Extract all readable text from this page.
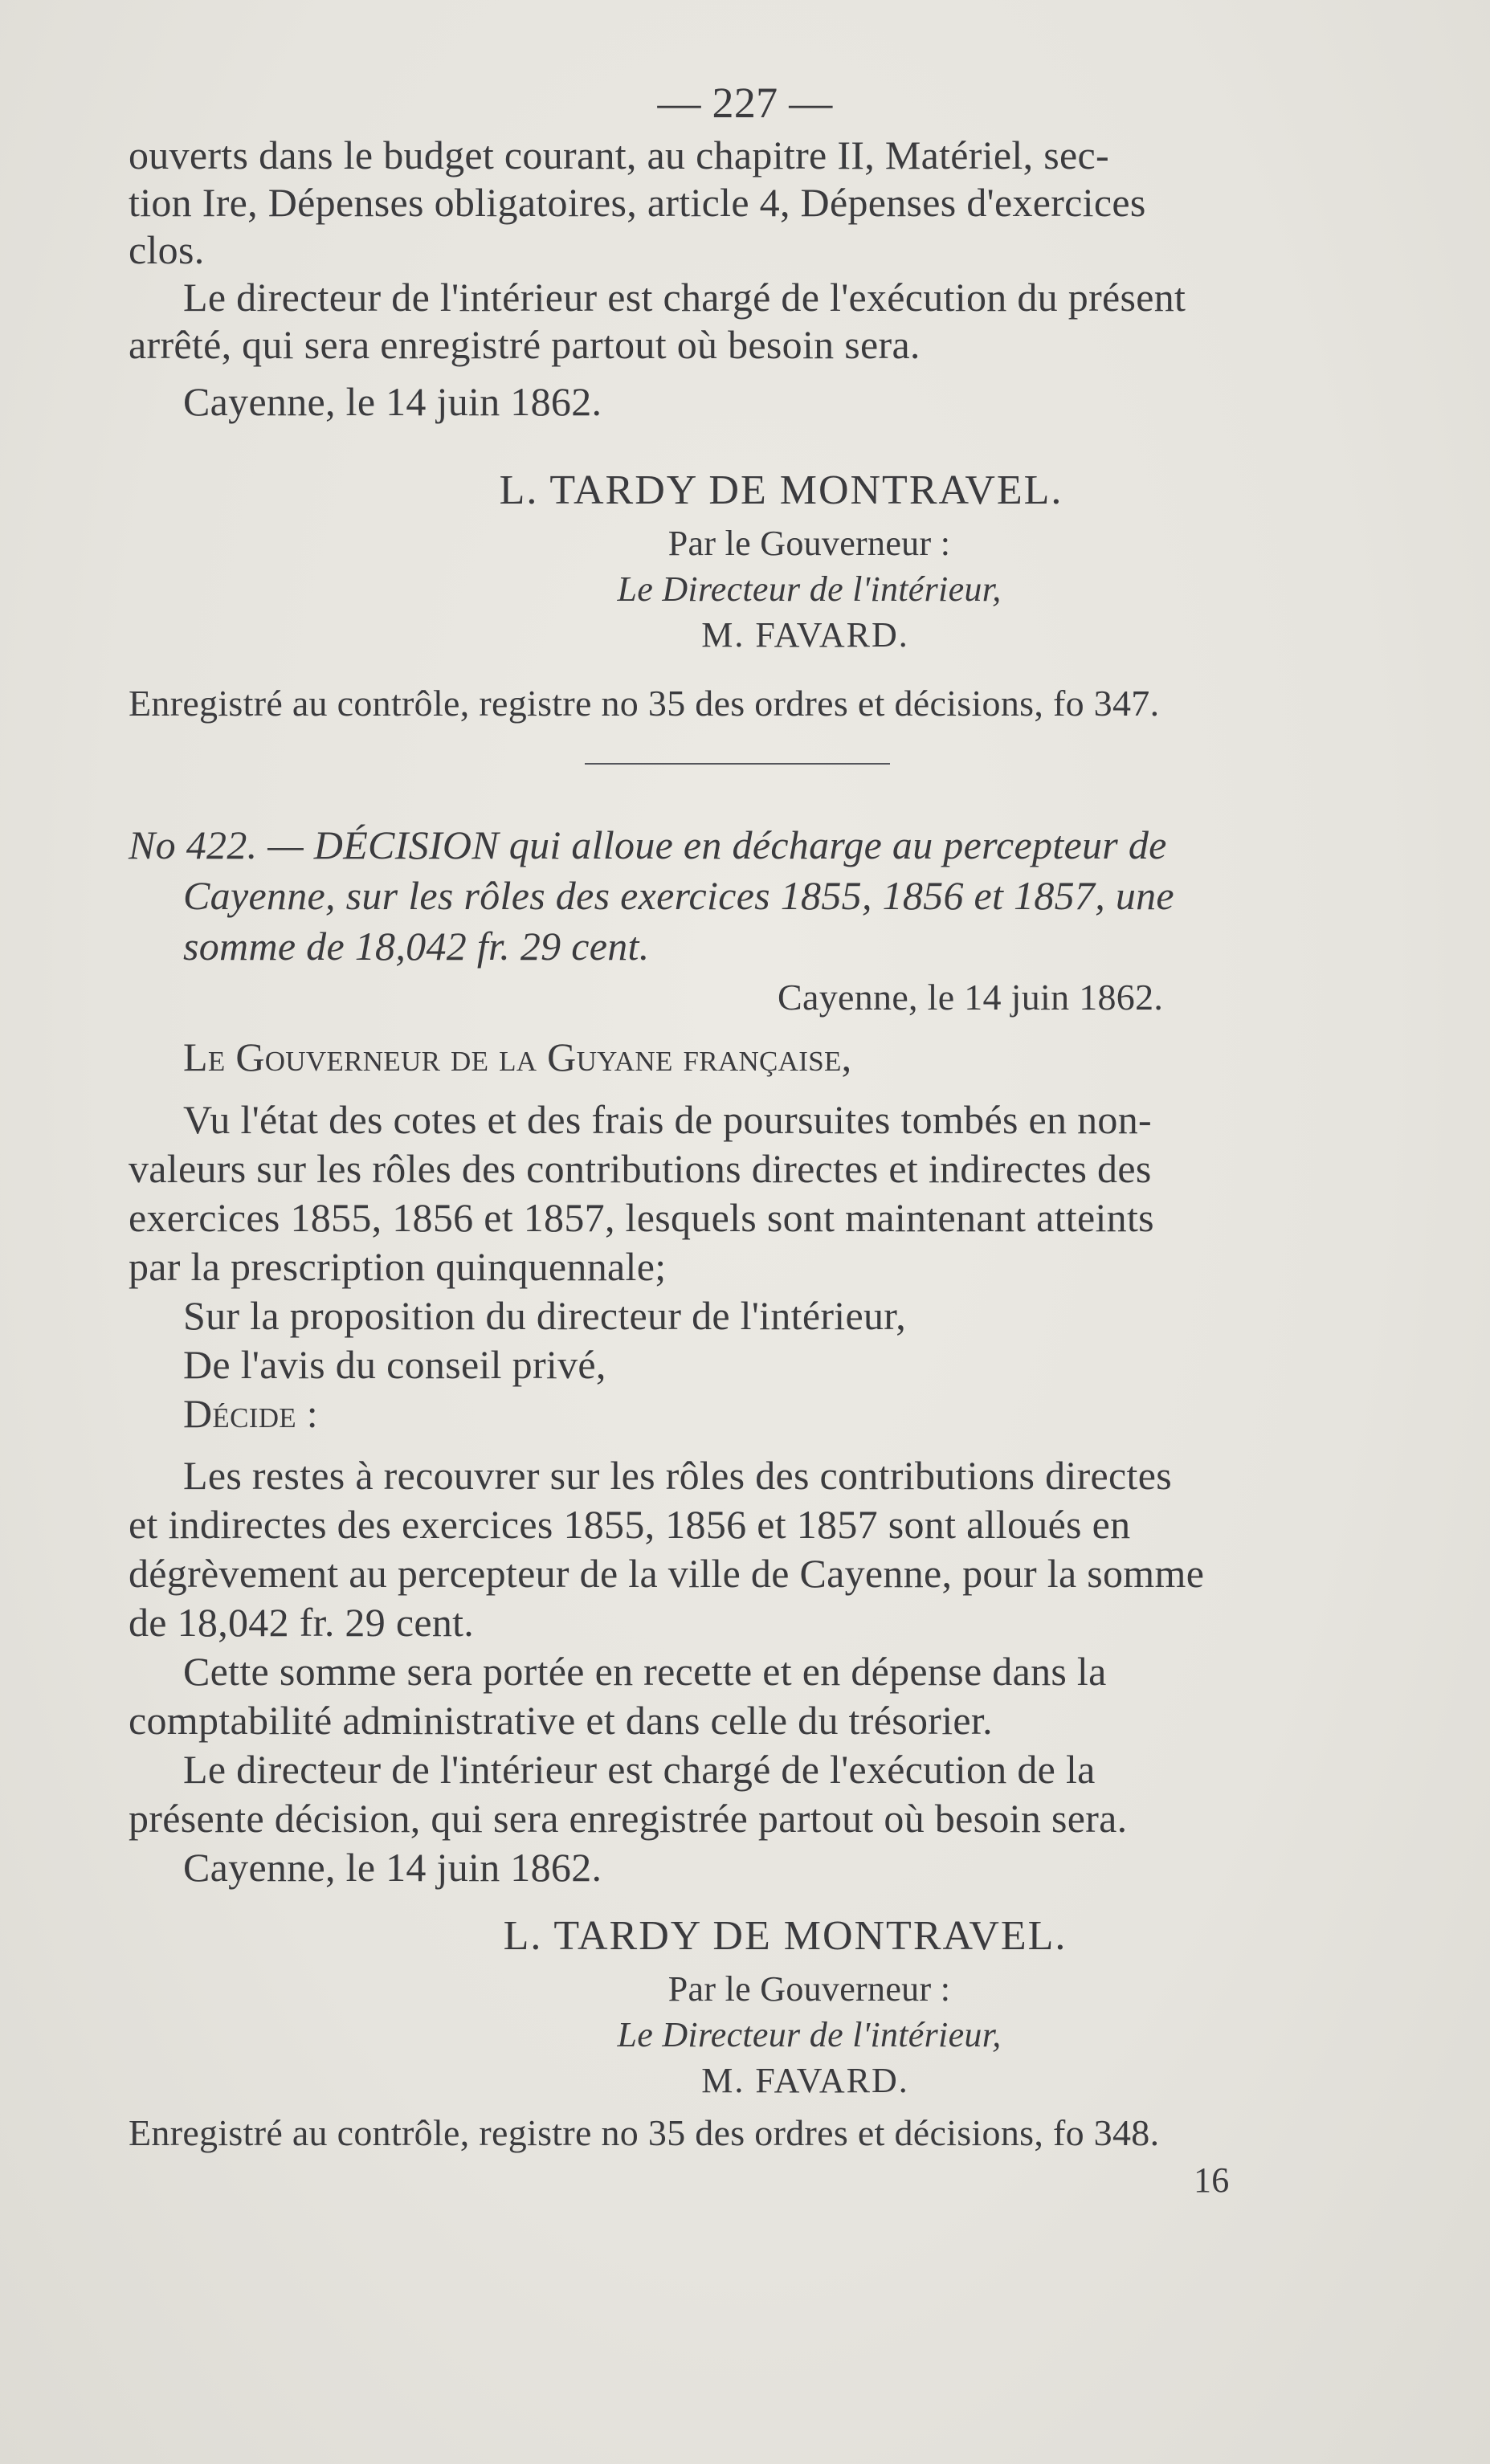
— 227 —
ouverts dans le budget courant, au chapitre II, Matériel, sec-
tion Ire, Dépenses obligatoires, article 4, Dépenses d'exercices
clos.
Le directeur de l'intérieur est chargé de l'exécution du présent
arrêté, qui sera enregistré partout où besoin sera.
Cayenne, le 14 juin 1862.
L. TARDY DE MONTRAVEL.
Par le Gouverneur :
Le Directeur de l'intérieur,
M. FAVARD.
Enregistré au contrôle, registre no 35 des ordres et décisions, fo 347.
No 422. — DÉCISION qui alloue en décharge au percepteur de
Cayenne, sur les rôles des exercices 1855, 1856 et 1857, une
somme de 18,042 fr. 29 cent.
Cayenne, le 14 juin 1862.
Le Gouverneur de la Guyane française,
Vu l'état des cotes et des frais de poursuites tombés en non-
valeurs sur les rôles des contributions directes et indirectes des
exercices 1855, 1856 et 1857, lesquels sont maintenant atteints
par la prescription quinquennale;
Sur la proposition du directeur de l'intérieur,
De l'avis du conseil privé,
Décide :
Les restes à recouvrer sur les rôles des contributions directes
et indirectes des exercices 1855, 1856 et 1857 sont alloués en
dégrèvement au percepteur de la ville de Cayenne, pour la somme
de 18,042 fr. 29 cent.
Cette somme sera portée en recette et en dépense dans la
comptabilité administrative et dans celle du trésorier.
Le directeur de l'intérieur est chargé de l'exécution de la
présente décision, qui sera enregistrée partout où besoin sera.
Cayenne, le 14 juin 1862.
L. TARDY DE MONTRAVEL.
Par le Gouverneur :
Le Directeur de l'intérieur,
M. FAVARD.
Enregistré au contrôle, registre no 35 des ordres et décisions, fo 348.
16
